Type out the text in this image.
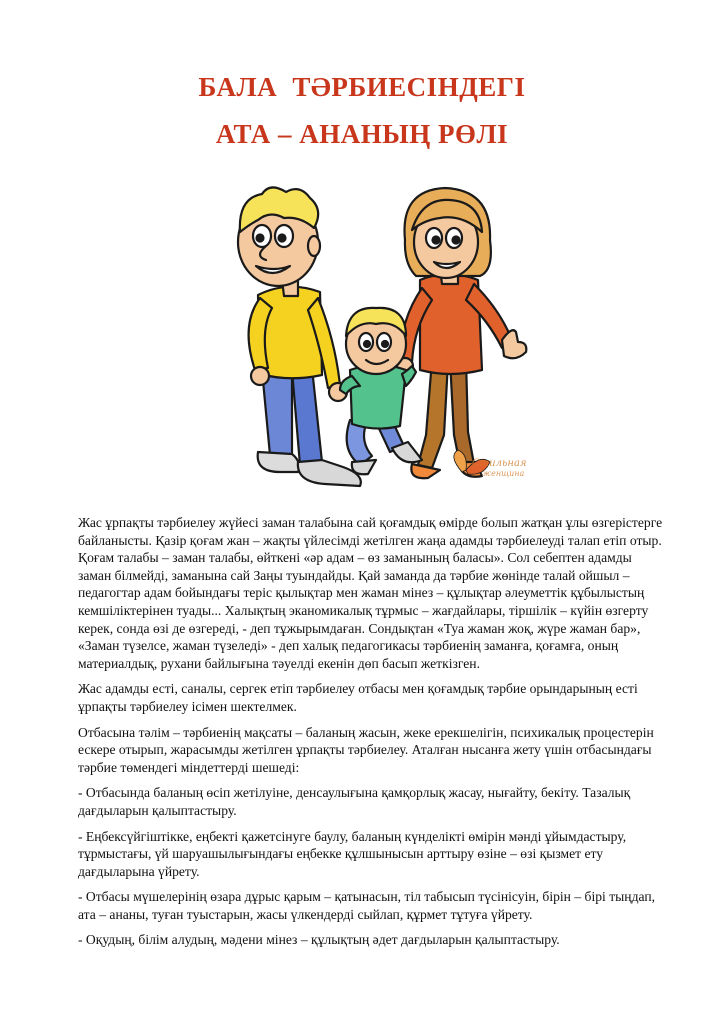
БАЛА ТӘРБИЕСІНДЕГІ
АТА – АНАНЫҢ РӨЛІ
Стильная
женщина

Жас ұрпақты тәрбиелеу жүйесі заман талабына сай қоғамдық өмірде болып жатқан ұлы өзгерістерге байланысты. Қазір қоғам жан – жақты үйлесімді жетілген жаңа адамды тәрбиелеуді талап етіп отыр. Қоғам талабы – заман талабы, өйткені «әр адам – өз заманының баласы». Сол себептен адамды заман білмейді, заманына сай Заңы туындайды. Қай заманда да тәрбие жөнінде талай ойшыл – педагогтар адам бойындағы теріс қылықтар мен жаман мінез – құлықтар әлеуметтік құбылыстың кемшіліктерінен туады... Халықтың эканомикалық тұрмыс – жағдайлары, тіршілік – күйін өзгерту керек, сонда өзі де өзгереді, - деп тұжырымдаған. Сондықтан «Туа жаман жоқ, жүре жаман бар», «Заман түзелсе, жаман түзеледі» - деп халық педагогикасы тәрбиенің заманға, қоғамға, оның материалдық, рухани байлығына тәуелді екенін дөп басып жеткізген.

Жас адамды есті, саналы, сергек етіп тәрбиелеу отбасы мен қоғамдық тәрбие орындарының есті ұрпақты тәрбиелеу ісімен шектелмек.

Отбасына тәлім – тәрбиенің мақсаты – баланың жасын, жеке ерекшелігін, психикалық процестерін ескере отырып, жарасымды жетілген ұрпақты тәрбиелеу. Аталған нысанға жету үшін отбасындағы тәрбие төмендегі міндеттерді шешеді:

- Отбасында баланың өсіп жетілуіне, денсаулығына қамқорлық жасау, нығайту, бекіту. Тазалық дағдыларын қалыптастыру.

- Еңбексүйгіштікке, еңбекті қажетсінуге баулу, баланың күнделікті өмірін мәнді ұйымдастыру, тұрмыстағы, үй шаруашылығындағы еңбекке құлшынысын арттыру өзіне – өзі қызмет ету дағдыларына үйрету.

- Отбасы мүшелерінің өзара дұрыс қарым – қатынасын, тіл табысып түсінісуін, бірін – бірі тыңдап, ата – ананы, туған туыстарын, жасы үлкендерді сыйлап, құрмет тұтуға үйрету.

- Оқудың, білім алудың, мәдени мінез – құлықтың әдет дағдыларын қалыптастыру.
